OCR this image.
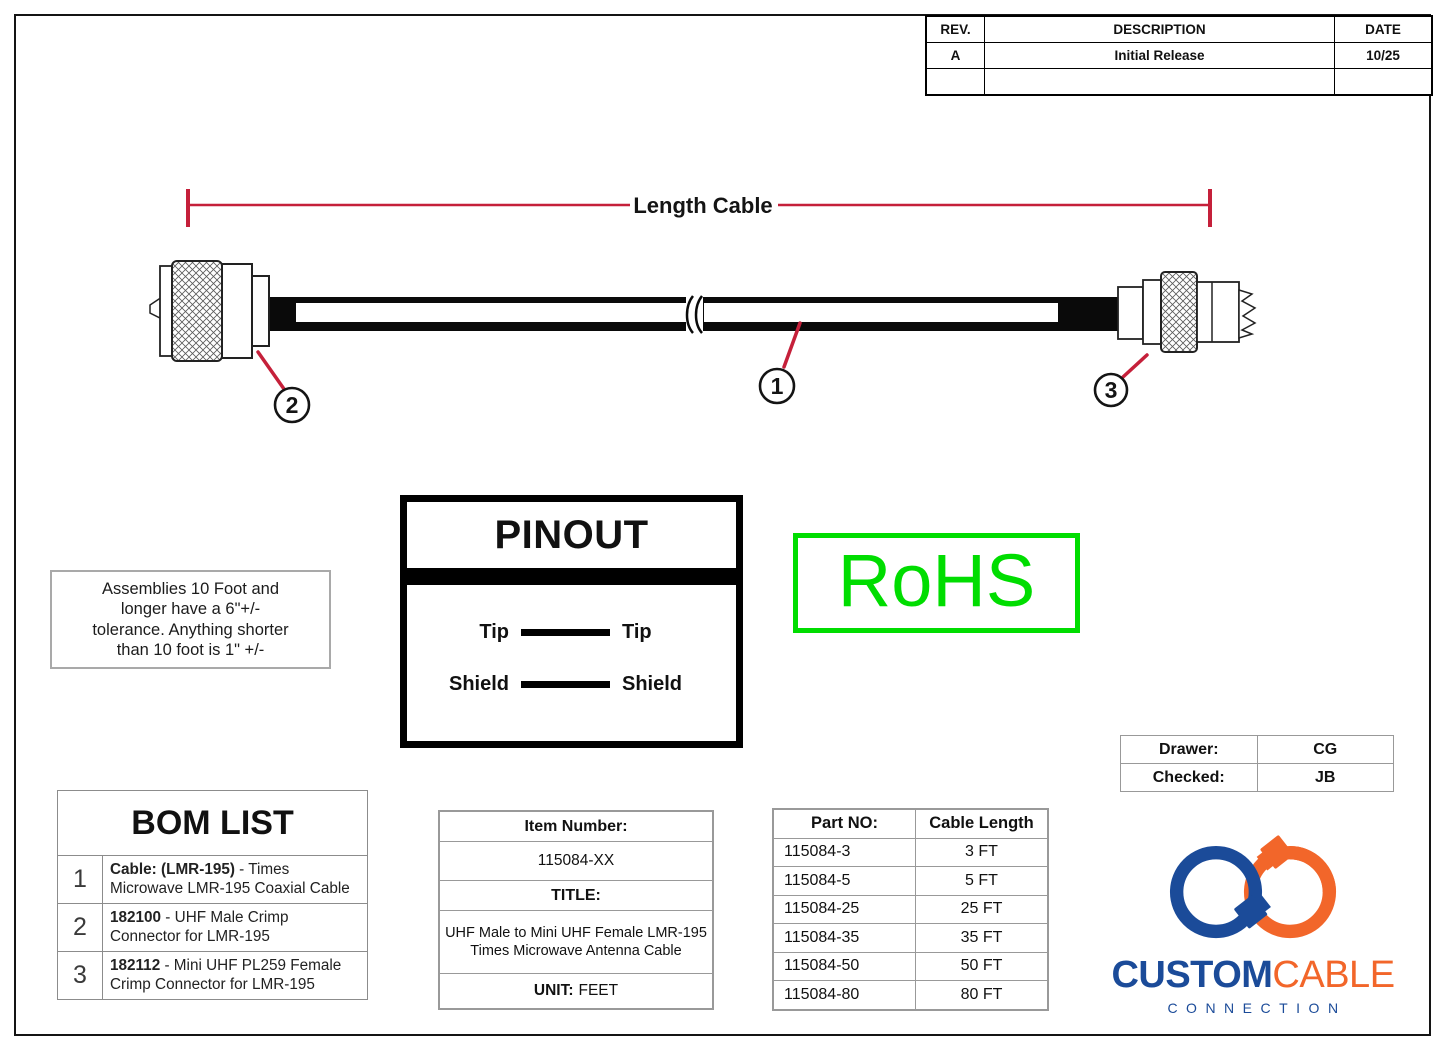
REV.	DESCRIPTION	DATE
A	Initial Release	10/25
Length Cable
2
1	3
PINOUT
Tip	Tip
Shield	Shield
RoHS
Assemblies 10 Foot and
longer have a 6"+/-
tolerance. Anything shorter
than 10 foot is 1" +/-
BOM LIST
1	Cable: (LMR-195) - Times Microwave LMR-195 Coaxial Cable
2	182100 - UHF Male Crimp Connector for LMR-195
3	182112 - Mini UHF PL259 Female Crimp Connector for LMR-195
Item Number:
115084-XX
TITLE:
UHF Male to Mini UHF Female LMR-195 Times Microwave Antenna Cable
UNIT: FEET
Part NO:	Cable Length
115084-3	3 FT
115084-5	5 FT
115084-25	25 FT
115084-35	35 FT
115084-50	50 FT
115084-80	80 FT
Drawer:	CG
Checked:	JB
CUSTOMCABLE
CONNECTION
